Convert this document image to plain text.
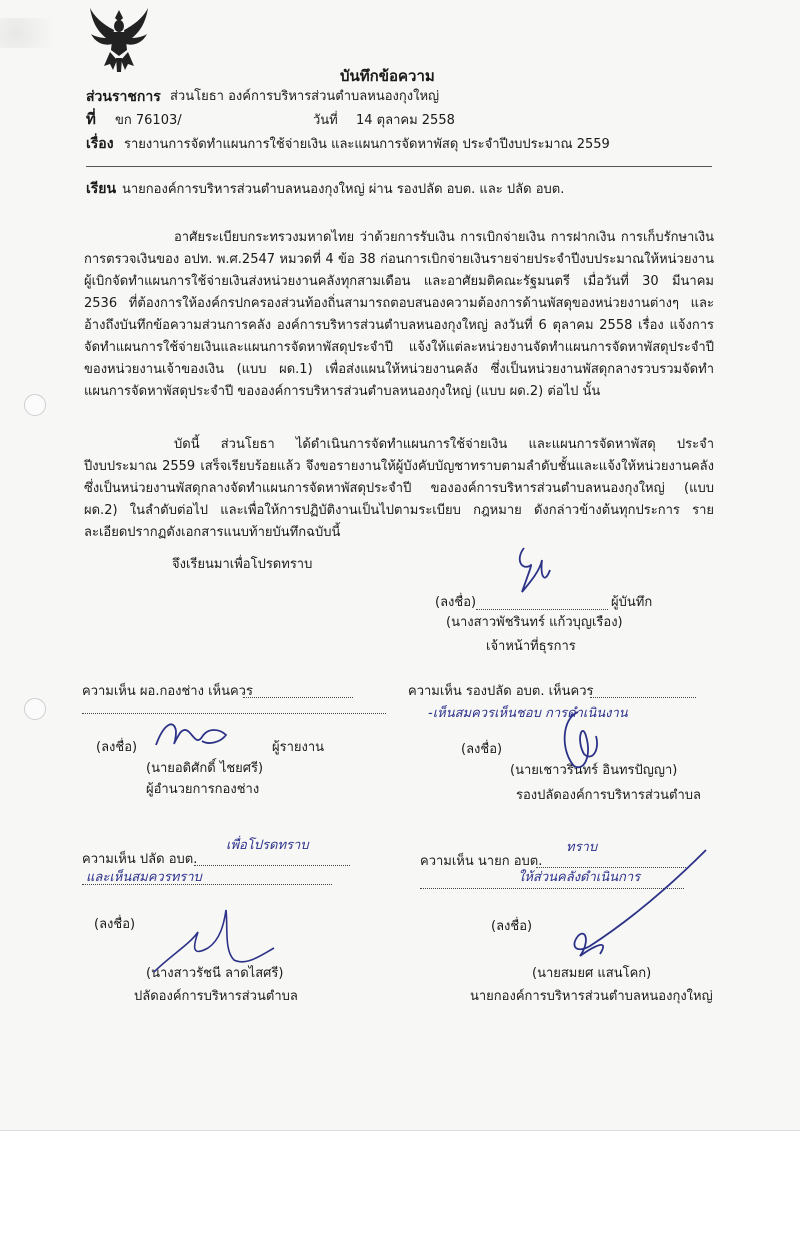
บันทึกข้อความ
ส่วนราชการ ส่วนโยธา องค์การบริหารส่วนตำบลหนองกุงใหญ่
ที่ ขก 76103/	วันที่ 14 ตุลาคม 2558
เรื่อง รายงานการจัดทำแผนการใช้จ่ายเงิน และแผนการจัดหาพัสดุ ประจำปีงบประมาณ 2559
เรียน นายกองค์การบริหารส่วนตำบลหนองกุงใหญ่ ผ่าน รองปลัด อบต. และ ปลัด อบต.
อาศัยระเบียบกระทรวงมหาดไทย ว่าด้วยการรับเงิน การเบิกจ่ายเงิน การฝากเงิน การเก็บรักษาเงินการตรวจเงินของ อปท. พ.ศ.2547 หมวดที่ 4 ข้อ 38 ก่อนการเบิกจ่ายเงินรายจ่ายประจำปีงบประมาณให้หน่วยงานผู้เบิกจัดทำแผนการใช้จ่ายเงินส่งหน่วยงานคลังทุกสามเดือน และอาศัยมติคณะรัฐมนตรี เมื่อวันที่ 30 มีนาคม 2536 ที่ต้องการให้องค์กรปกครองส่วนท้องถิ่นสามารถตอบสนองความต้องการด้านพัสดุของหน่วยงานต่างๆ และอ้างถึงบันทึกข้อความส่วนการคลัง องค์การบริหารส่วนตำบลหนองกุงใหญ่ ลงวันที่ 6 ตุลาคม 2558 เรื่อง แจ้งการจัดทำแผนการใช้จ่ายเงินและแผนการจัดหาพัสดุประจำปี แจ้งให้แต่ละหน่วยงานจัดทำแผนการจัดหาพัสดุประจำปีของหน่วยงานเจ้าของเงิน (แบบ ผด.1) เพื่อส่งแผนให้หน่วยงานคลัง ซึ่งเป็นหน่วยงานพัสดุกลางรวบรวมจัดทำแผนการจัดหาพัสดุประจำปี ขององค์การบริหารส่วนตำบลหนองกุงใหญ่ (แบบ ผด.2) ต่อไป นั้น
บัดนี้ ส่วนโยธา ได้ดำเนินการจัดทำแผนการใช้จ่ายเงิน และแผนการจัดหาพัสดุ ประจำปีงบประมาณ 2559 เสร็จเรียบร้อยแล้ว จึงขอรายงานให้ผู้บังคับบัญชาทราบตามลำดับชั้นและแจ้งให้หน่วยงานคลังซึ่งเป็นหน่วยงานพัสดุกลางจัดทำแผนการจัดหาพัสดุประจำปี ขององค์การบริหารส่วนตำบลหนองกุงใหญ่ (แบบ ผด.2) ในลำดับต่อไป และเพื่อให้การปฏิบัติงานเป็นไปตามระเบียบ กฎหมาย ดังกล่าวข้างต้นทุกประการ รายละเอียดปรากฏดังเอกสารแนบท้ายบันทึกฉบับนี้
จึงเรียนมาเพื่อโปรดทราบ
(ลงชื่อ)	ผู้บันทึก
(นางสาวพัชรินทร์ แก้วบุญเรือง)
เจ้าหน้าที่ธุรการ
ความเห็น ผอ.กองช่าง เห็นควร
(ลงชื่อ)	ผู้รายงาน
(นายอดิศักดิ์ ไชยศรี)
ผู้อำนวยการกองช่าง
ความเห็น รองปลัด อบต. เห็นควร
-เห็นสมควรเห็นชอบ การดำเนินงาน
(ลงชื่อ)
(นายเชาวรินทร์ อินทรปัญญา)
รองปลัดองค์การบริหารส่วนตำบล
ความเห็น ปลัด อบต.
เพื่อโปรดทราบ
และเห็นสมควรทราบ
(ลงชื่อ)
(นางสาวรัชนี ลาดไสศรี)
ปลัดองค์การบริหารส่วนตำบล
ความเห็น นายก อบต.
ทราบ
ให้ส่วนคลังดำเนินการ
(ลงชื่อ)
(นายสมยศ แสนโคก)
นายกองค์การบริหารส่วนตำบลหนองกุงใหญ่
